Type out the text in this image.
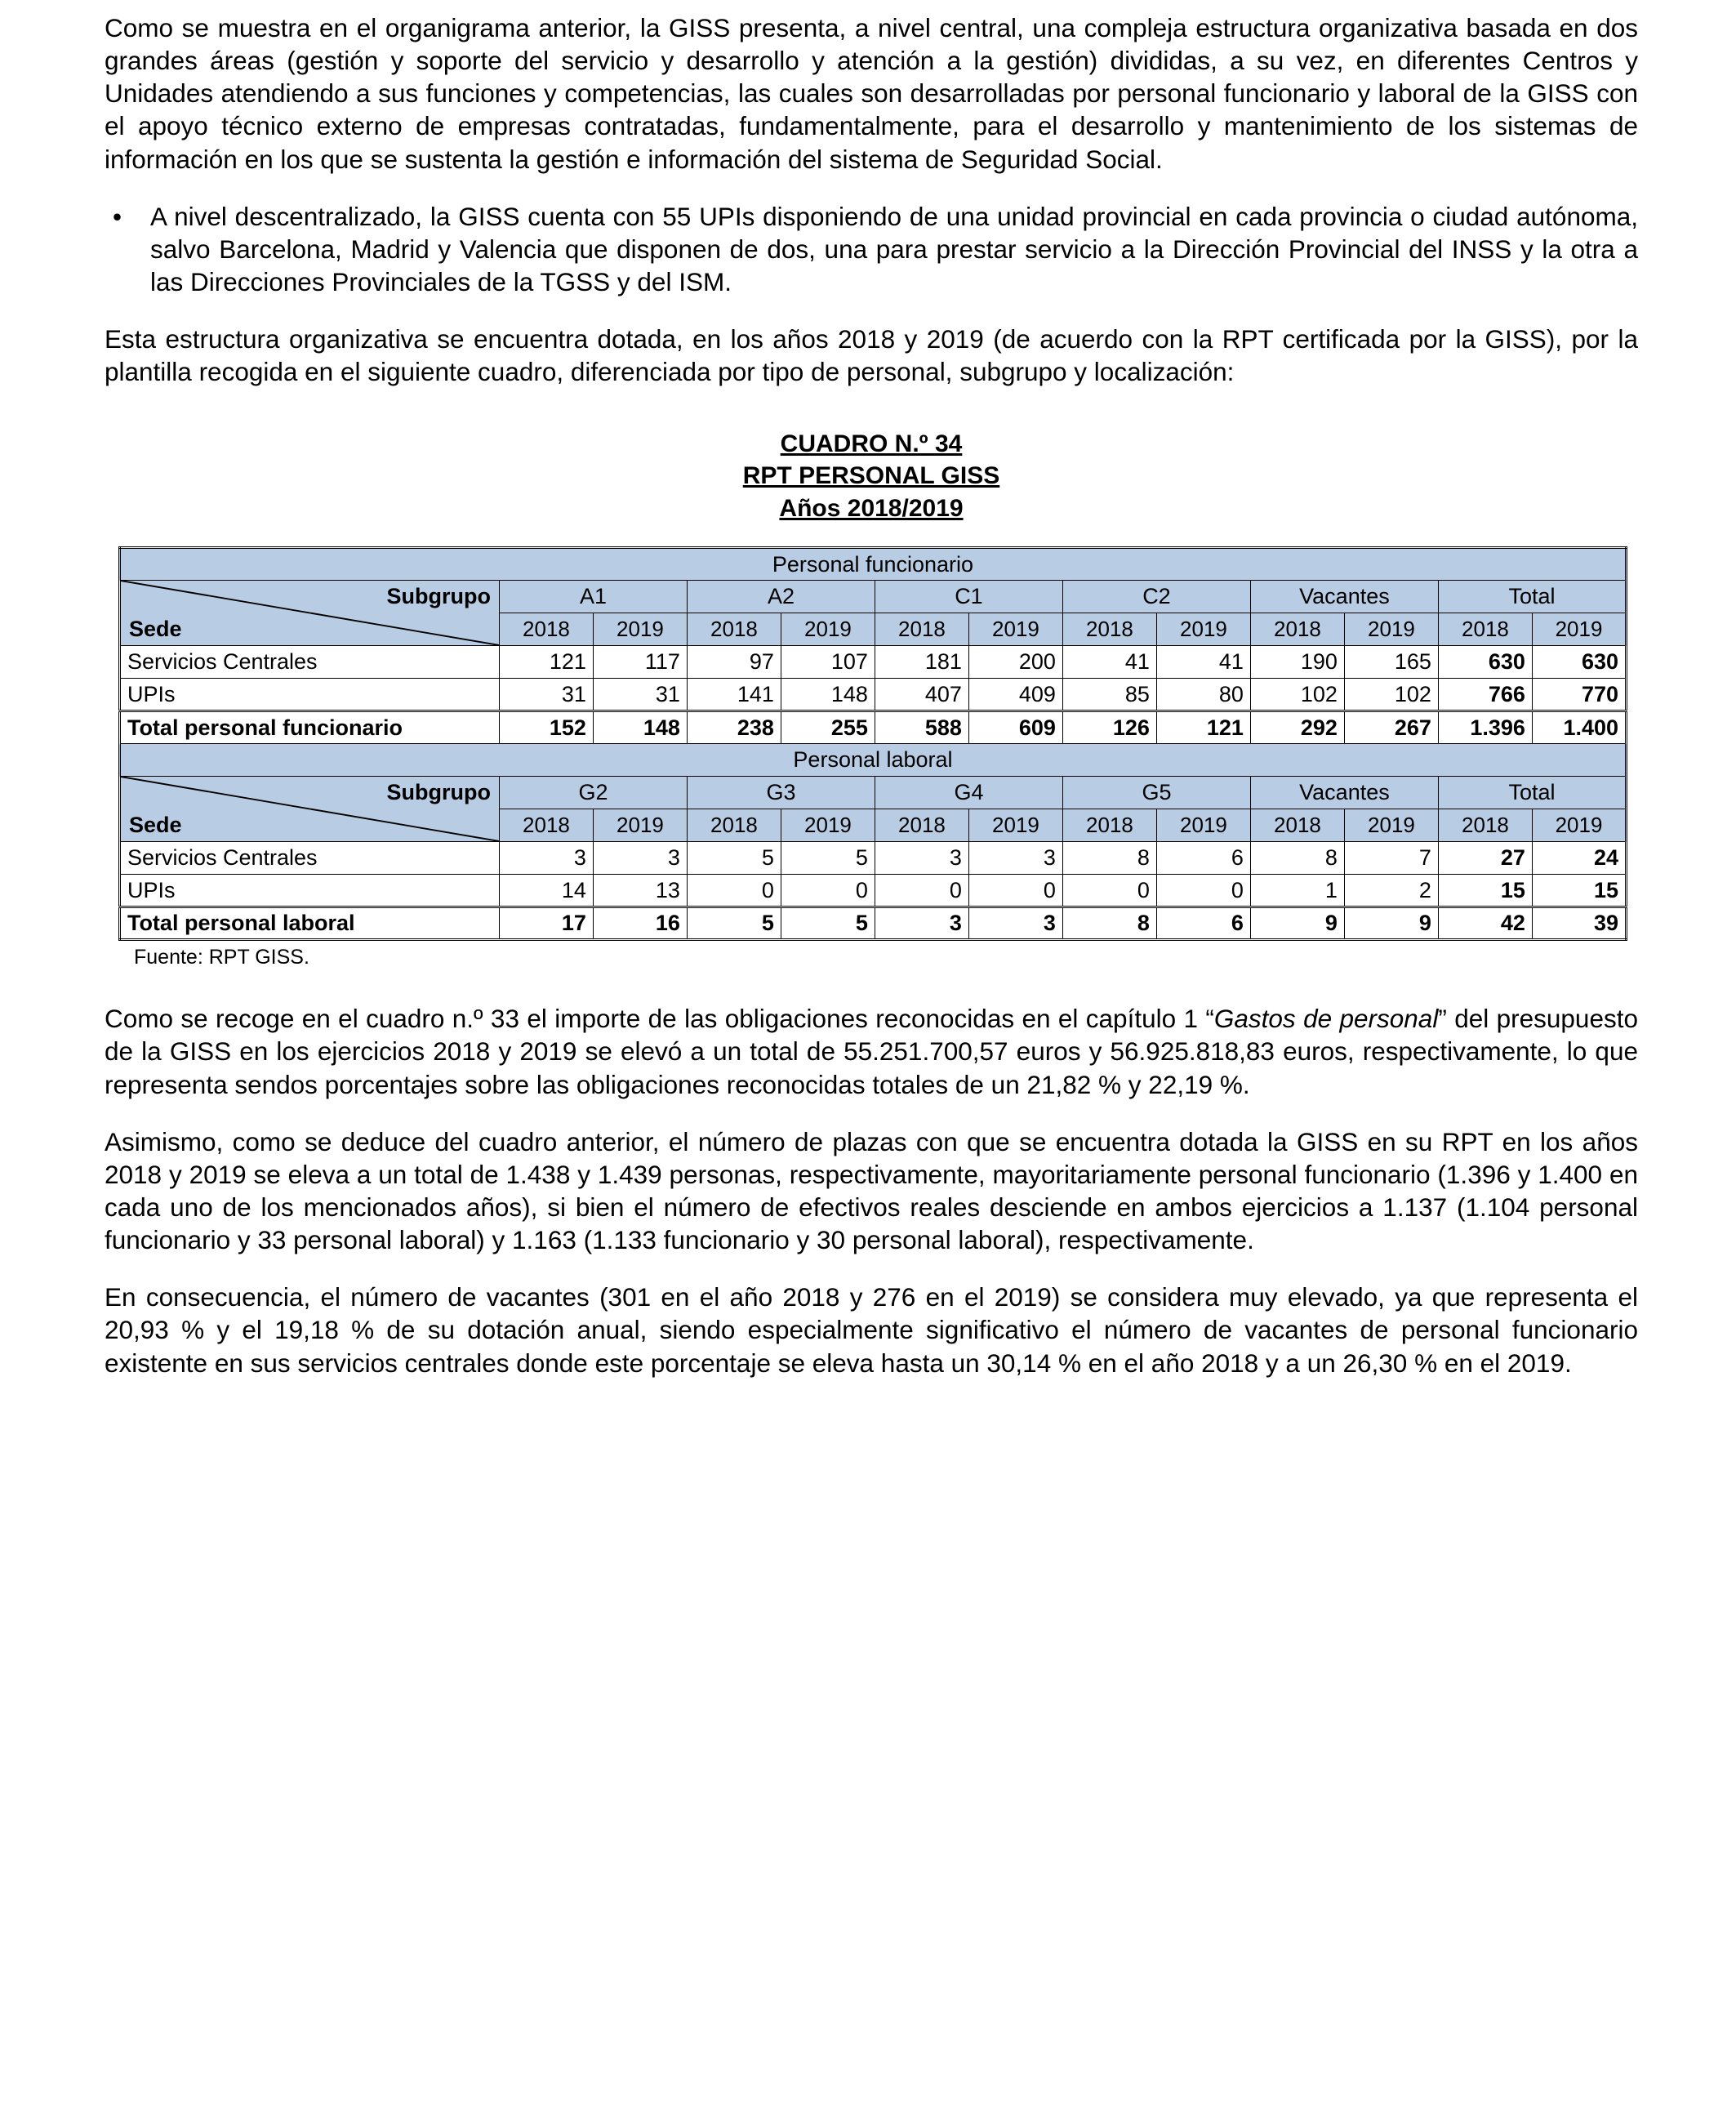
Como se muestra en el organigrama anterior, la GISS presenta, a nivel central, una compleja estructura organizativa basada en dos grandes áreas (gestión y soporte del servicio y desarrollo y atención a la gestión) divididas, a su vez, en diferentes Centros y Unidades atendiendo a sus funciones y competencias, las cuales son desarrolladas por personal funcionario y laboral de la GISS con el apoyo técnico externo de empresas contratadas, fundamentalmente, para el desarrollo y mantenimiento de los sistemas de información en los que se sustenta la gestión e información del sistema de Seguridad Social.

•	A nivel descentralizado, la GISS cuenta con 55 UPIs disponiendo de una unidad provincial en cada provincia o ciudad autónoma, salvo Barcelona, Madrid y Valencia que disponen de dos, una para prestar servicio a la Dirección Provincial del INSS y la otra a las Direcciones Provinciales de la TGSS y del ISM.

Esta estructura organizativa se encuentra dotada, en los años 2018 y 2019 (de acuerdo con la RPT certificada por la GISS), por la plantilla recogida en el siguiente cuadro, diferenciada por tipo de personal, subgrupo y localización:

CUADRO N.º 34
RPT PERSONAL GISS
Años 2018/2019
Personal funcionario												

Subgrupo
Sede	A1		A2		C1		C2		Vacantes		Total	
	2018	2019	2018	2019	2018	2019	2018	2019	2018	2019	2018	2019
Servicios Centrales	121	117	97	107	181	200	41	41	190	165	630	630
UPIs	31	31	141	148	407	409	85	80	102	102	766	770
Total personal funcionario	152	148	238	255	588	609	126	121	292	267	1.396	1.400
Personal laboral												

Subgrupo
Sede	G2		G3		G4		G5		Vacantes		Total	
	2018	2019	2018	2019	2018	2019	2018	2019	2018	2019	2018	2019
Servicios Centrales	3	3	5	5	3	3	8	6	8	7	27	24
UPIs	14	13	0	0	0	0	0	0	1	2	15	15
Total personal laboral	17	16	5	5	3	3	8	6	9	9	42	39
Fuente: RPT GISS.

Como se recoge en el cuadro n.º 33 el importe de las obligaciones reconocidas en el capítulo 1 “Gastos de personal” del presupuesto de la GISS en los ejercicios 2018 y 2019 se elevó a un total de 55.251.700,57 euros y 56.925.818,83 euros, respectivamente, lo que representa sendos porcentajes sobre las obligaciones reconocidas totales de un 21,82 % y 22,19 %.

Asimismo, como se deduce del cuadro anterior, el número de plazas con que se encuentra dotada la GISS en su RPT en los años 2018 y 2019 se eleva a un total de 1.438 y 1.439 personas, respectivamente, mayoritariamente personal funcionario (1.396 y 1.400 en cada uno de los mencionados años), si bien el número de efectivos reales desciende en ambos ejercicios a 1.137 (1.104 personal funcionario y 33 personal laboral) y 1.163 (1.133 funcionario y 30 personal laboral), respectivamente.

En consecuencia, el número de vacantes (301 en el año 2018 y 276 en el 2019) se considera muy elevado, ya que representa el 20,93 % y el 19,18 % de su dotación anual, siendo especialmente significativo el número de vacantes de personal funcionario existente en sus servicios centrales donde este porcentaje se eleva hasta un 30,14 % en el año 2018 y a un 26,30 % en el 2019.
